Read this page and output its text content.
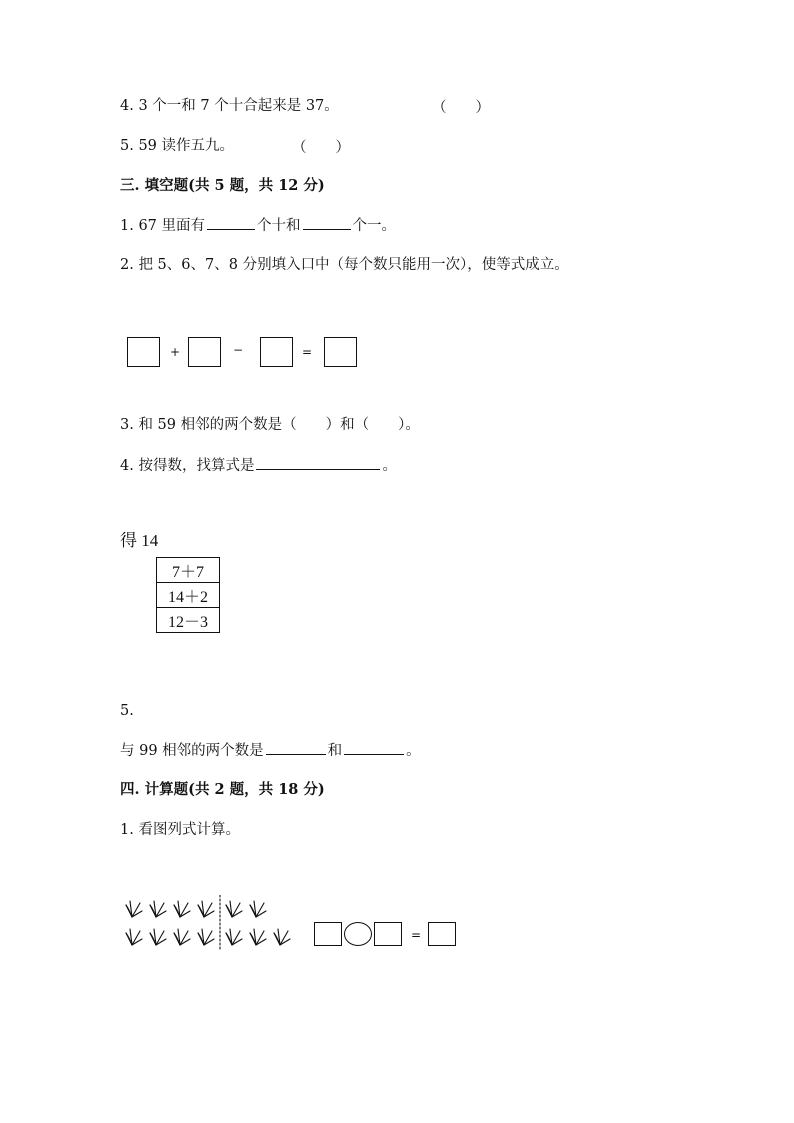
4. 3 个一和 7 个十合起来是 37。	（　　）
5. 59 读作五九。	（　　）
三. 填空题(共 5 题，共 12 分)
1. 67 里面有	个十和	个一。
2. 把 5、6、7、8 分别填入口中（每个数只能用一次），使等式成立。
+	−	=
3. 和 59 相邻的两个数是（　　）和（　　）。
4. 按得数，找算式是	。
得 14
7＋7
14＋2
12－3
5.
与 99 相邻的两个数是	和	。
四. 计算题(共 2 题，共 18 分)
1. 看图列式计算。
=
